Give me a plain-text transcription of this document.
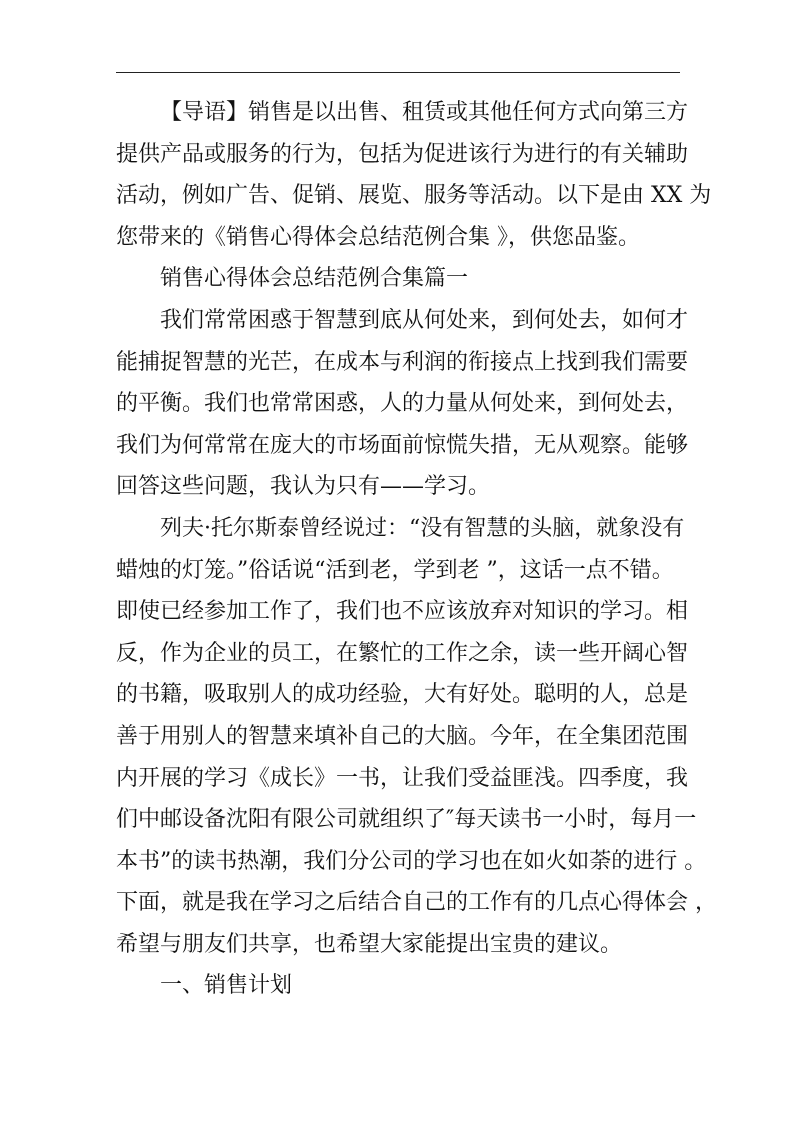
【导语】销售是以出售、租赁或其他任何方式向第三方
提供产品或服务的行为，包括为促进该行为进行的有关辅助
活动，例如广告、促销、展览、服务等活动。以下是由 XX 为
您带来的《销售心得体会总结范例合集 》，供您品鉴。
销售心得体会总结范例合集篇一
我们常常困惑于智慧到底从何处来，到何处去，如何才
能捕捉智慧的光芒，在成本与利润的衔接点上找到我们需要
的平衡。我们也常常困惑，人的力量从何处来，到何处去，
我们为何常常在庞大的市场面前惊慌失措，无从观察。能够
回答这些问题，我认为只有——学习。
列夫·托尔斯泰曾经说过：“没有智慧的头脑，就象没有
蜡烛的灯笼。”俗话说“活到老，学到老 ”，这话一点不错。
即使已经参加工作了，我们也不应该放弃对知识的学习。相
反，作为企业的员工，在繁忙的工作之余，读一些开阔心智
的书籍，吸取别人的成功经验，大有好处。聪明的人，总是
善于用别人的智慧来填补自己的大脑。今年，在全集团范围
内开展的学习《成长》一书，让我们受益匪浅。四季度，我
们中邮设备沈阳有限公司就组织了″每天读书一小时，每月一
本书”的读书热潮，我们分公司的学习也在如火如荼的进行 。
下面，就是我在学习之后结合自己的工作有的几点心得体会 ，
希望与朋友们共享，也希望大家能提出宝贵的建议。
一、销售计划
